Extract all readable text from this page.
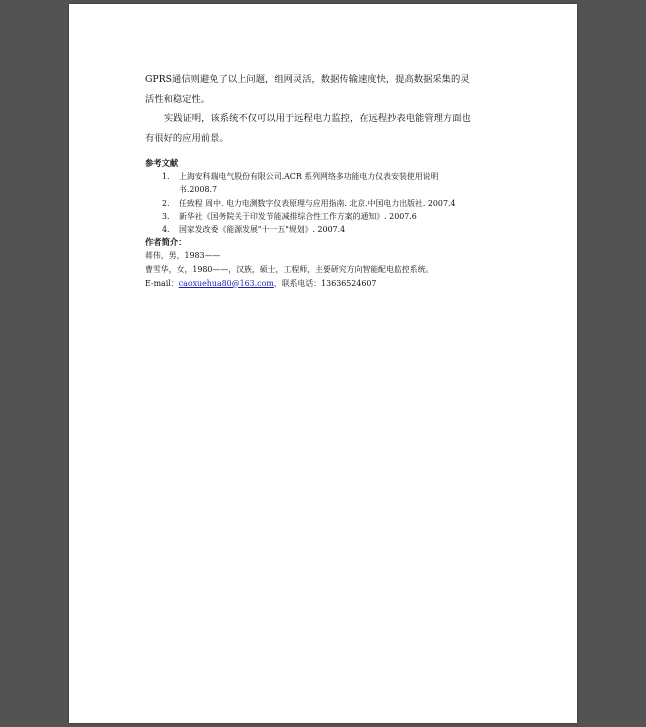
GPRS通信则避免了以上问题，组网灵活，数据传输速度快，提高数据采集的灵
活性和稳定性。

实践证明，该系统不仅可以用于远程电力监控，在远程抄表电能管理方面也
有很好的应用前景。

参考文献

1. 上海安科瑞电气股份有限公司.ACR 系列网络多功能电力仪表安装使用说明
书.2008.7
2. 任致程 周中. 电力电测数字仪表原理与应用指南. 北京.中国电力出版社. 2007.4
3. 新华社《国务院关于印发节能减排综合性工作方案的通知》. 2007.6
4. 国家发改委《能源发展"十一五"规划》. 2007.4

作者简介：

蒋伟，男，1983——

曹雪华，女，1980——，汉族，硕士，工程师，主要研究方向智能配电监控系统。

E-mail：caoxuehua80@163.com，联系电话：13636524607
